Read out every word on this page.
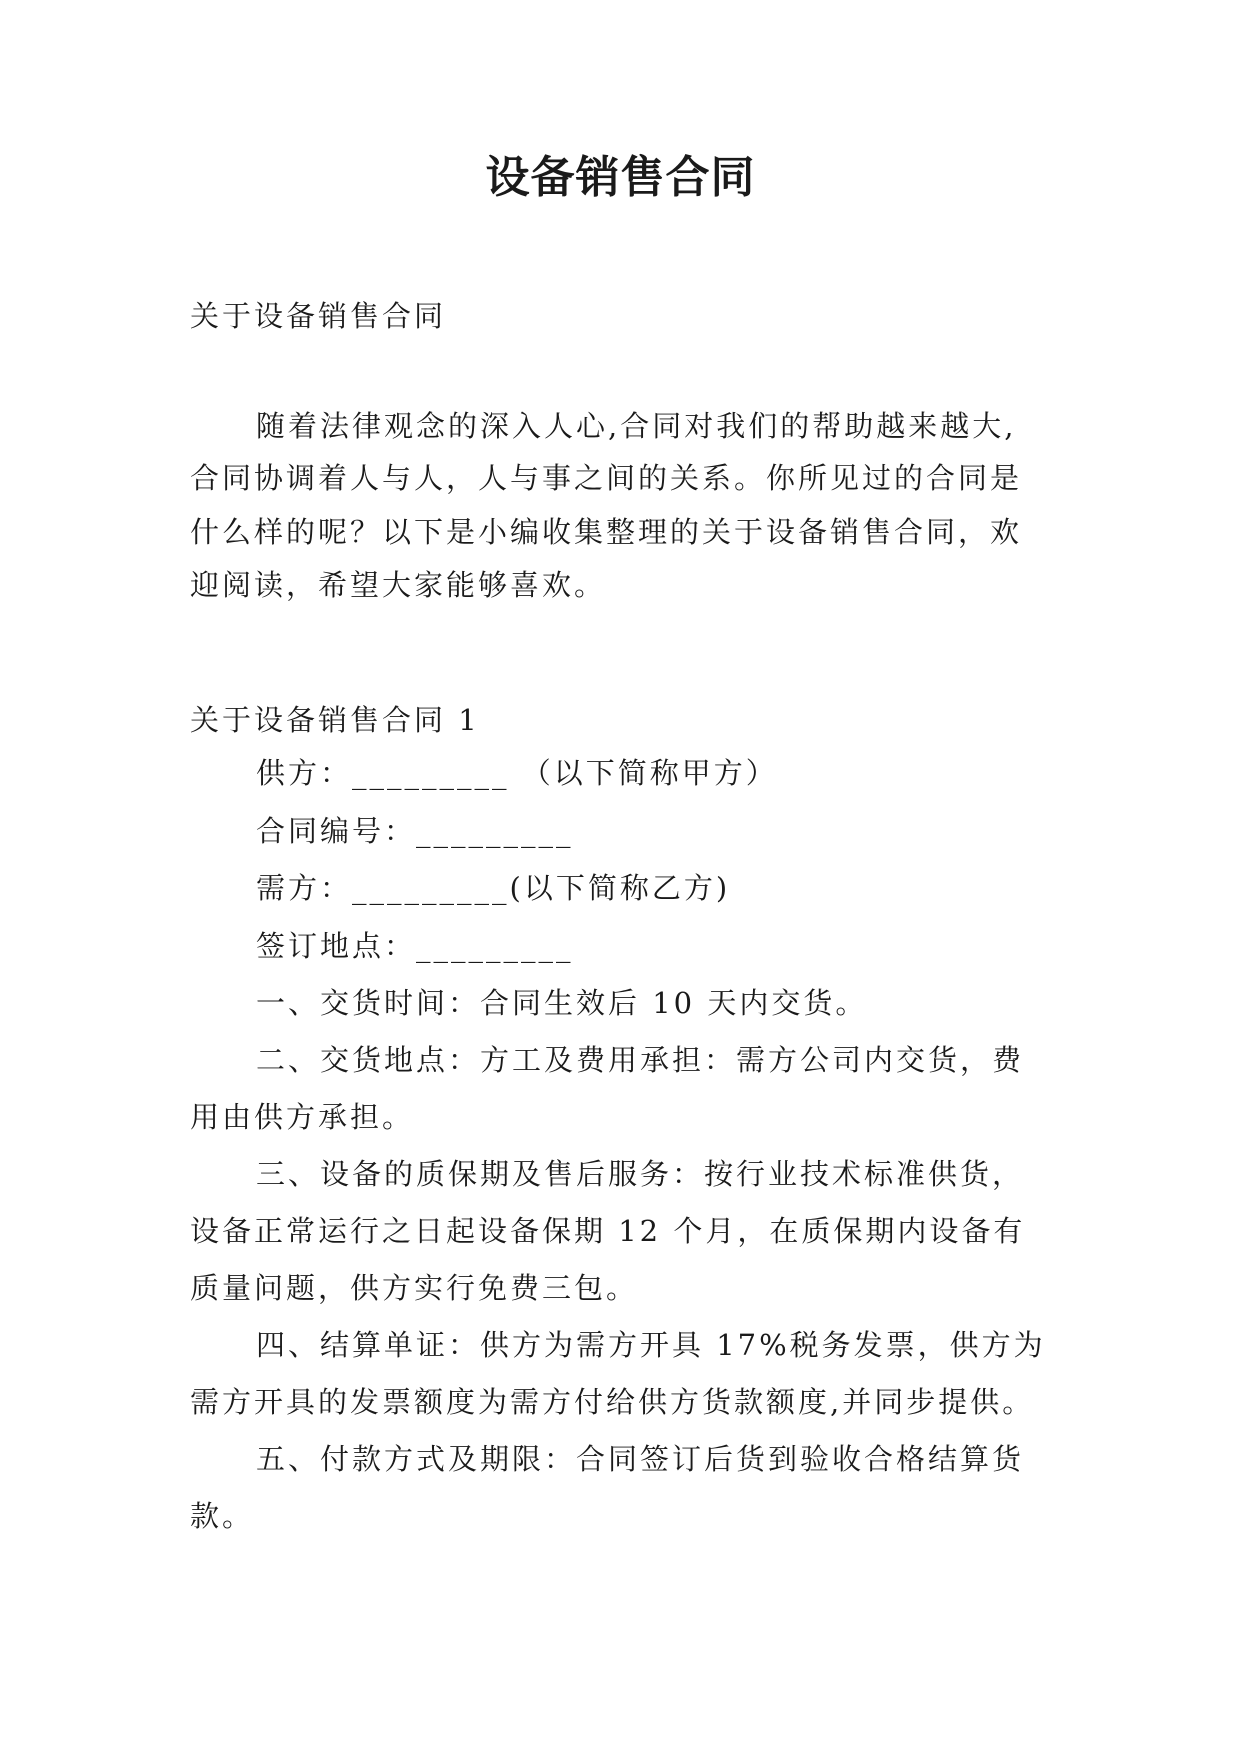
设备销售合同
关于设备销售合同
随着法律观念的深入人心,合同对我们的帮助越来越大,
合同协调着人与人，人与事之间的关系。你所见过的合同是
什么样的呢？以下是小编收集整理的关于设备销售合同，欢
迎阅读，希望大家能够喜欢。
关于设备销售合同 1
供方：_________ （以下简称甲方）
合同编号：_________
需方：_________(以下简称乙方)
签订地点：_________
一、交货时间：合同生效后 10 天内交货。
二、交货地点：方工及费用承担：需方公司内交货，费
用由供方承担。
三、设备的质保期及售后服务：按行业技术标准供货，
设备正常运行之日起设备保期 12 个月，在质保期内设备有
质量问题，供方实行免费三包。
四、结算单证：供方为需方开具 17%税务发票，供方为
需方开具的发票额度为需方付给供方货款额度,并同步提供。
五、付款方式及期限：合同签订后货到验收合格结算货
款。
